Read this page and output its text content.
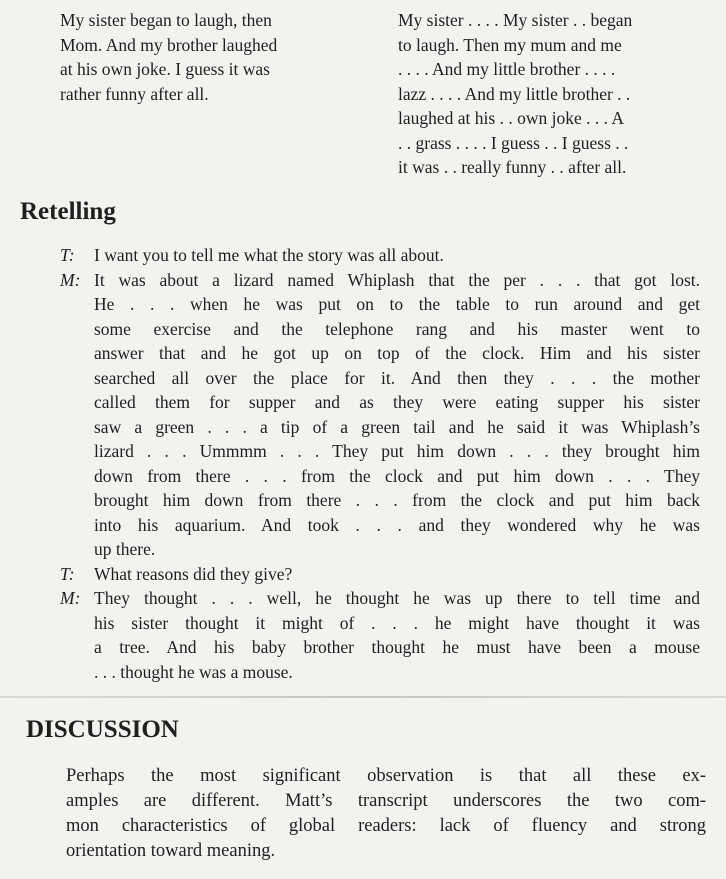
My sister began to laugh, then
Mom. And my brother laughed
at his own joke. I guess it was
rather funny after all.
My sister . . . . My sister . . began
to laugh. Then my mum and me
. . . . And my little brother . . . .
lazz . . . . And my little brother . .
laughed at his . . own joke . . . A
. . grass . . . . I guess . . I guess . .
it was . . really funny . . after all.
Retelling
T:	I want you to tell me what the story was all about.
M: It was about a lizard named Whiplash that the per . . . that got lost.
He . . . when he was put on to the table to run around and get
some exercise and the telephone rang and his master went to
answer that and he got up on top of the clock. Him and his sister
searched all over the place for it. And then they . . . the mother
called them for supper and as they were eating supper his sister
saw a green . . . a tip of a green tail and he said it was Whiplash’s
lizard . . . Ummmm . . . They put him down . . . they brought him
down from there . . . from the clock and put him down . . . They
brought him down from there . . . from the clock and put him back
into his aquarium. And took . . . and they wondered why he was
up there.
T:	What reasons did they give?
M: They thought . . . well, he thought he was up there to tell time and
his sister thought it might of . . . he might have thought it was
a tree. And his baby brother thought he must have been a mouse
. . . thought he was a mouse.
DISCUSSION
Perhaps the most significant observation is that all these ex-
amples are different. Matt’s transcript underscores the two com-
mon characteristics of global readers: lack of fluency and strong
orientation toward meaning.
